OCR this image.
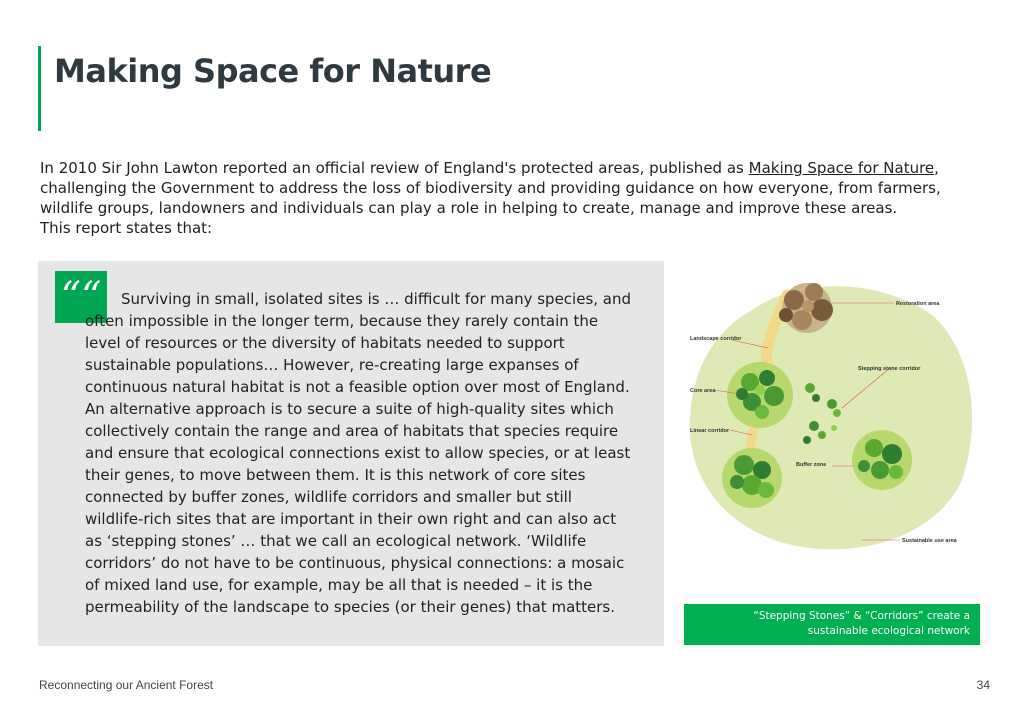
Making Space for Nature

In 2010 Sir John Lawton reported an official review of England's protected areas, published as Making Space for Nature, challenging the Government to address the loss of biodiversity and providing guidance on how everyone, from farmers, wildlife groups, landowners and individuals can play a role in helping to create, manage and improve these areas.
This report states that:

““	Surviving in small, isolated sites is … difficult for many species, and often impossible in the longer term, because they rarely contain the level of resources or the diversity of habitats needed to support sustainable populations… However, re-creating large expanses of continuous natural habitat is not a feasible option over most of England. An alternative approach is to secure a suite of high-quality sites which collectively contain the range and area of habitats that species require and ensure that ecological connections exist to allow species, or at least their genes, to move between them. It is this network of core sites connected by buffer zones, wildlife corridors and smaller but still wildlife-rich sites that are important in their own right and can also act as ‘stepping stones’ … that we call an ecological network. ‘Wildlife corridors’ do not have to be continuous, physical connections: a mosaic of mixed land use, for example, may be all that is needed – it is the permeability of the landscape to species (or their genes) that matters.

Restoration area
Landscape corridor
Stepping stone corridor
Core area
Linear corridor
Buffer zone
Sustainable use area
“Stepping Stones” & “Corridors” create a
sustainable ecological network
Reconnecting our Ancient Forest	34
